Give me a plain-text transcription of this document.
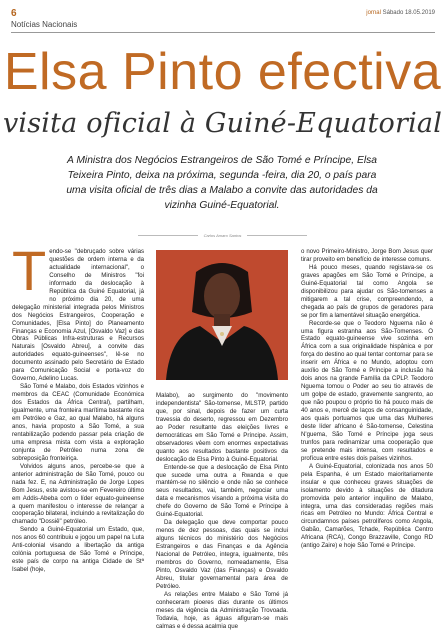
6
Notícias Nacionais
jornal Sábado 18.05.2019
Elsa Pinto efectiva
visita oficial à Guiné-Equatorial

A Ministra dos Negócios Estrangeiros de São Tomé e Príncipe, Elsa Teixeira Pinto, deixa na próxima, segunda -feira, dia 20, o país para uma visita oficial de três dias a Malabo a convite das autoridades da vizinha Guiné-Equatorial.

Carlos Amaro Santos
T endo-se "debruçado sobre várias questões de ordem interna e da actualidade internacional", o Conselho de Ministros "foi informado da deslocação à República da Guiné Equatorial, já no próximo dia 20, de uma delegação ministerial integrada pelos Ministros dos Negócios Estrangeiros, Cooperação e Comunidades, [Elsa Pinto] do Planeamento Finanças e Economia Azul, [Osvaldo Vaz] e das Obras Públicas Infra-estruturas e Recursos Naturais [Osvaldo Abreu], a convite das autoridades equato-guineenses", lê-se no documento assinado pelo Secretário de Estado para Comunicação Social e porta-voz do Governo, Adelino Lucas.

São Tomé e Malabo, dois Estados vizinhos e membros da CEAC (Comunidade Económica dos Estados da África Central), partilham, igualmente, uma fronteira marítima bastante rica em Petróleo e Gaz, ao qual Malabo, há alguns anos, havia proposto a São Tomé, a sua rentabilização podendo passar pela criação de uma empresa mista com vista a exploração conjunta de Petróleo numa zona de sobreposição fronteiriça.

Volvidos alguns anos, percebe-se que a anterior administração de São Tomé, pouco ou nada fez. E, na Administração de Jorge Lopes Bom Jesus, este avistou-se em Fevereiro último em Addis-Abeba com o líder equato-guineense a quem manifestou o interesse de relançar a cooperação bilateral, incluindo a revitalização do chamado "Dossiê" petróleo.

Sendo a Guiné-Equatorial um Estado, que, nos anos 60 contribuiu e jogou um papel na Luta Anti-colonial visando a libertação da antiga colónia portuguesa de São Tomé e Príncipe, este país de corpo na antiga Cidade de Stª Isabel (hoje,

Malabo), ao surgimento do "movimento independentista" São-tomense, MLSTP, partido que, por sinal, depois de fazer um curta travessia do deserto, regressou em Dezembro ao Poder resultante das eleições livres e democráticas em São Tomé e Príncipe. Assim, observadores vêem com enormes expectativas quanto aos resultados bastante positivos da deslocação de Elsa Pinto à Guiné-Equatorial.

Entende-se que a deslocação de Elsa Pinto que sucede uma outra a Rwanda e que mantém-se no silêncio e onde não se conhece seus resultados, vai, também, negociar uma data e mecanismos visando a próxima visita do chefe do Governo de São Tomé e Príncipe à Guiné-Equatorial.

Da delegação que deve comportar pouco menos de dez pessoas, das quais se inclui alguns técnicos do ministério dos Negócios Estrangeiros e das Finanças e da Agência Nacional de Petróleo, integra, igualmente, três membros do Governo, nomeadamente, Elsa Pinto, Osvaldo Vaz (das Finanças) e Osvaldo Abreu, titular governamental para área de Petróleo.

As relações entre Malabo e São Tomé já conheceram pioeres dias durante os últimos meses da vigência da Administração Trovoada. Todavia, hoje, as águas afiguram-se mais calmas e é dessa acalmia que

o novo Primeiro-Ministro, Jorge Bom Jesus quer tirar proveito em benefício de interesse comuns.

Há pouco meses, quando registava-se os graves apagões em São Tomé e Príncipe, a Guiné-Equatorial tal como Angola se disponibilizou para ajudar os São-tomenses a mitigarem a tal crise, compreendendo, a chegada ao país de grupos de geradores para se por fim a lamentável situação energética.

Recorde-se que o Teodoro Nguema não é uma figura estranha aos São-Tomenses. O Estado equato-guineense vive sozinha em África com a sua originalidade hispânica e por força do destino ao qual tentar contornar para se inserir em África e no Mundo, adoptou com auxílio de São Tomé e Príncipe a inclusão há dois anos na grande Família da CPLP. Teodoro Nguema tomou o Poder ao seu tio através de um golpe de estado, gravemente sangrento, ao que não poupou o próprio tio há pouco mais de 40 anos e, mercê de laços de consanguinidade, aos quais portuamos que uma das Mulheres deste líder africano é São-tomense, Celestina N'guema, São Tomé e Príncipe joga seus trunfos para redinamizar uma cooperação que se pretende mais intensa, com resultados e profícua entre estes dois países vizinhos.

A Guiné-Equatorial, colonizada nos anos 50 pela Espanha, é um Estado maioritariamente insular e que conheceu graves situações de isolamento devido à situações de ditadura promovida pelo anterior inquilino de Malabo, integra, uma das consideradas regiões mais ricas em Petróleo no Mundo: África Central e circundamnos países petrolíferos como Angola, Gabão, Camarões, Tchade, República Centro Africana (RCA), Congo Brazzaville, Congo RD (antigo Zaire) e hoje São Tomé e Príncipe.
